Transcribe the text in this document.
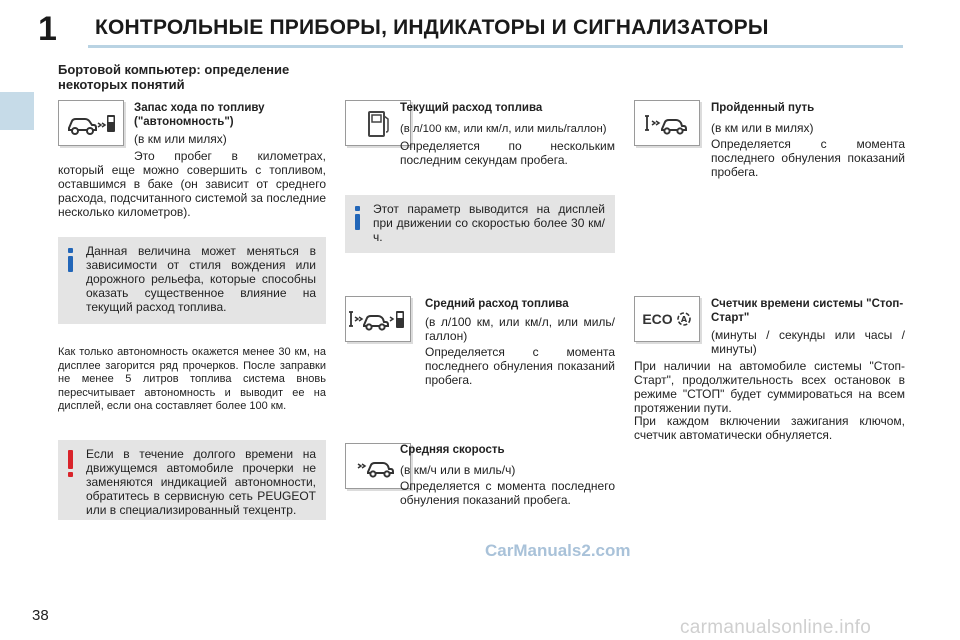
1 КОНТРОЛЬНЫЕ ПРИБОРЫ, ИНДИКАТОРЫ И СИГНАЛИЗАТОРЫ
Бортовой компьютер: определение некоторых понятий
Запас хода по топливу ("автономность")
(в км или милях)
Это пробег в километрах, который еще можно совершить с топливом, оставшимся в баке (он зависит от среднего расхода, подсчитанного системой за последние несколько километров).
Данная величина может меняться в зависимости от стиля вождения или дорожного рельефа, которые способны оказать существенное влияние на текущий расход топлива.
Как только автономность окажется менее 30 км, на дисплее загорится ряд прочерков. После заправки не менее 5 литров топлива система вновь пересчитывает автономность и выводит ее на дисплей, если она составляет более 100 км.
Если в течение долгого времени на движущемся автомобиле прочерки не заменяются индикацией автономности, обратитесь в сервисную сеть PEUGEOT или в специализированный техцентр.
Текущий расход топлива
(в л/100 км, или км/л, или миль/галлон)
Определяется по нескольким последним секундам пробега.
Этот параметр выводится на дисплей при движении со скоростью более 30 км/ч.
Средний расход топлива
(в л/100 км, или км/л, или миль/галлон)
Определяется с момента последнего обнуления показаний пробега.
Средняя скорость
(в км/ч или в миль/ч)
Определяется с момента последнего обнуления показаний пробега.
Пройденный путь
(в км или в милях)
Определяется с момента последнего обнуления показаний пробега.
ECO A
Счетчик времени системы "Стоп-Старт"
(минуты / секунды или часы / минуты)
При наличии на автомобиле системы "Стоп-Старт", продолжительность всех остановок в режиме "СТОП" будет суммироваться на всем протяжении пути.
При каждом включении зажигания ключом, счетчик автоматически обнуляется.
CarManuals2.com
38
carmanualsonline.info
